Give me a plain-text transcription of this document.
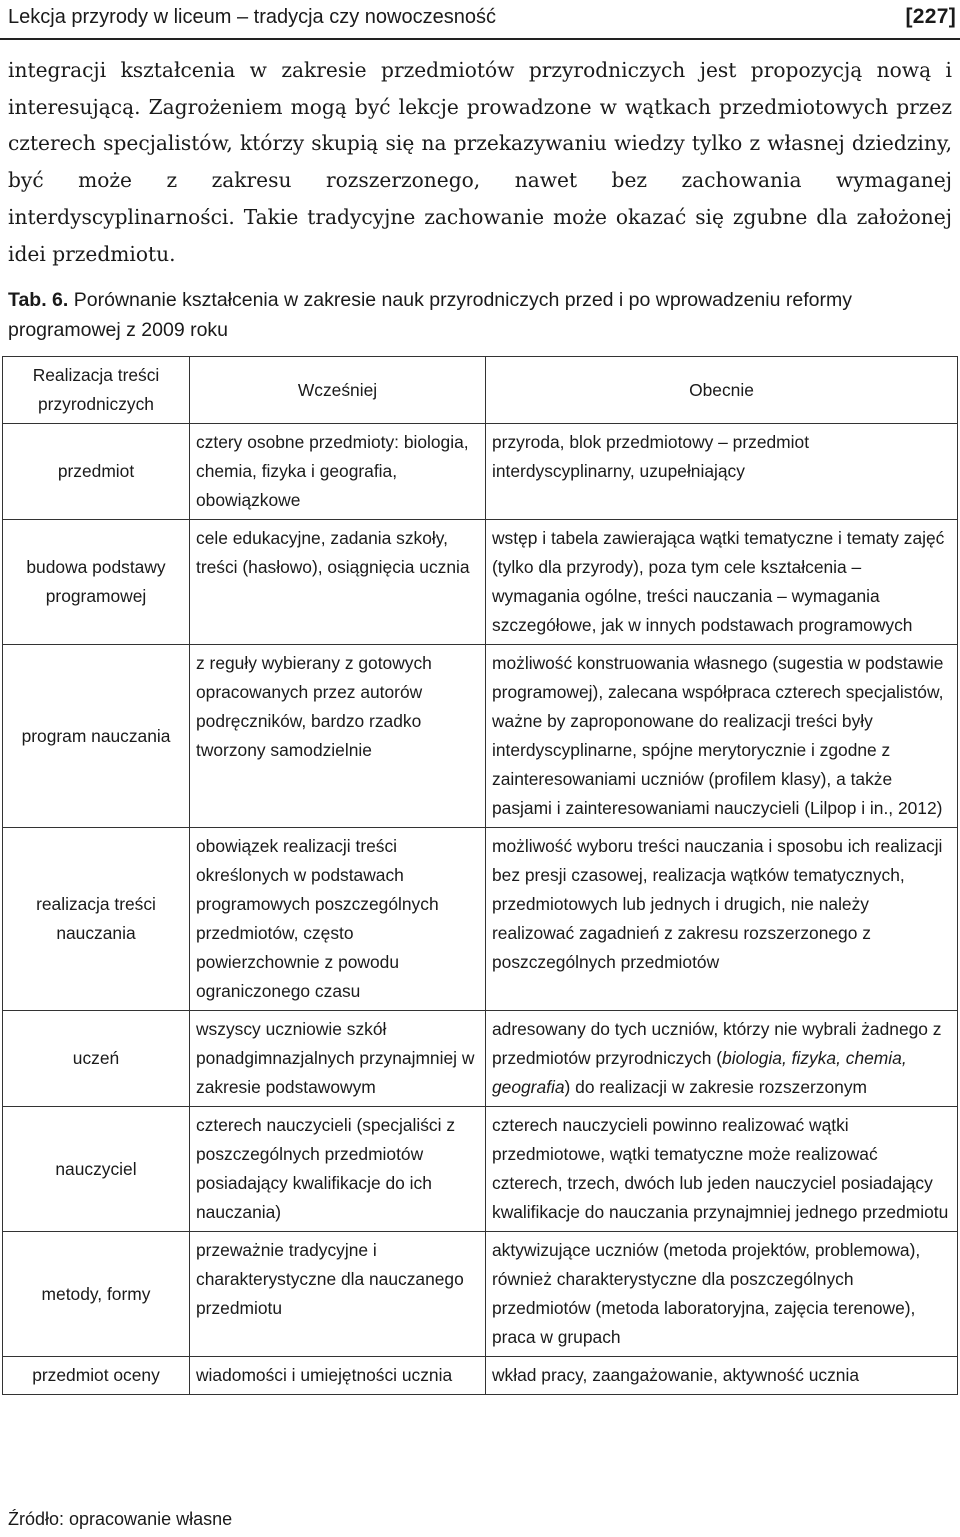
Lekcja przyrody w liceum – tradycja czy nowoczesność	[227]

integracji kształcenia w zakresie przedmiotów przyrodniczych jest propozycją nową i interesującą. Zagrożeniem mogą być lekcje prowadzone w wątkach przedmiotowych przez czterech specjalistów, którzy skupią się na przekazywaniu wiedzy tylko z własnej dziedziny, być może z zakresu rozszerzonego, nawet bez zachowania wymaganej interdyscyplinarności. Takie tradycyjne zachowanie może okazać się zgubne dla założonej idei przedmiotu.

Tab. 6. Porównanie kształcenia w zakresie nauk przyrodniczych przed i po wprowadzeniu reformy programowej z 2009 roku
Realizacja treści przyrodniczych	Wcześniej	Obecnie
przedmiot	cztery osobne przedmioty: biologia, chemia, fizyka i geografia, obowiązkowe	przyroda, blok przedmiotowy – przedmiot interdyscyplinarny, uzupełniający
budowa podstawy programowej	cele edukacyjne, zadania szkoły, treści (hasłowo), osiągnięcia ucznia	wstęp i tabela zawierająca wątki tematyczne i tematy zajęć (tylko dla przyrody), poza tym cele kształcenia – wymagania ogólne, treści nauczania – wymagania szczegółowe, jak w innych podstawach programowych
program nauczania	z reguły wybierany z gotowych opracowanych przez autorów podręczników, bardzo rzadko tworzony samodzielnie	możliwość konstruowania własnego (sugestia w podstawie programowej), zalecana współpraca czterech specjalistów, ważne by zaproponowane do realizacji treści były interdyscyplinarne, spójne merytorycznie i zgodne z zainteresowaniami uczniów (profilem klasy), a także pasjami i zainteresowaniami nauczycieli (Lilpop i in., 2012)
realizacja treści nauczania	obowiązek realizacji treści określonych w podstawach programowych poszczególnych przedmiotów, często powierzchownie z powodu ograniczonego czasu	możliwość wyboru treści nauczania i sposobu ich realizacji bez presji czasowej, realizacja wątków tematycznych, przedmiotowych lub jednych i drugich, nie należy realizować zagadnień z zakresu rozszerzonego z poszczególnych przedmiotów
uczeń	wszyscy uczniowie szkół ponadgimnazjalnych przynajmniej w zakresie podstawowym	adresowany do tych uczniów, którzy nie wybrali żadnego z przedmiotów przyrodniczych (biologia, fizyka, chemia, geografia) do realizacji w zakresie rozszerzonym
nauczyciel	czterech nauczycieli (specjaliści z poszczególnych przedmiotów posiadający kwalifikacje do ich nauczania)	czterech nauczycieli powinno realizować wątki przedmiotowe, wątki tematyczne może realizować czterech, trzech, dwóch lub jeden nauczyciel posiadający kwalifikacje do nauczania przynajmniej jednego przedmiotu
metody, formy	przeważnie tradycyjne i charakterystyczne dla nauczanego przedmiotu	aktywizujące uczniów (metoda projektów, problemowa), również charakterystyczne dla poszczególnych przedmiotów (metoda laboratoryjna, zajęcia terenowe), praca w grupach
przedmiot oceny	wiadomości i umiejętności ucznia	wkład pracy, zaangażowanie, aktywność ucznia
Źródło: opracowanie własne
